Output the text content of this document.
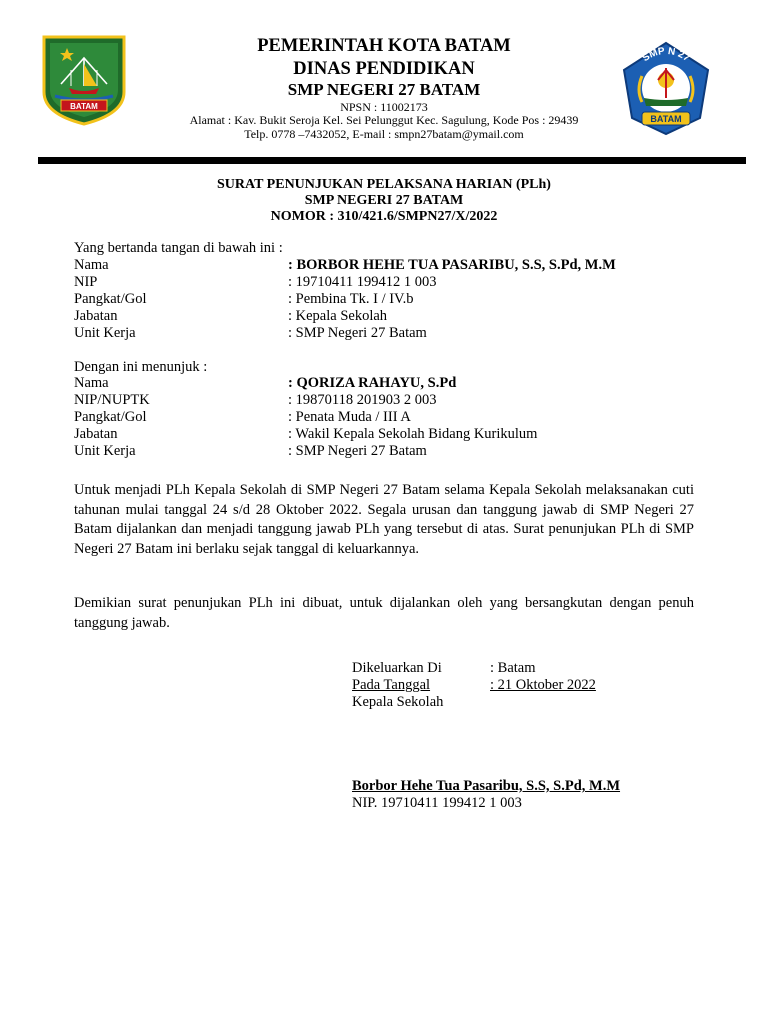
BATAM
PEMERINTAH KOTA BATAM
DINAS PENDIDIKAN
SMP NEGERI 27 BATAM
NPSN : 11002173
Alamat : Kav. Bukit Seroja Kel. Sei Pelunggut Kec. Sagulung, Kode Pos : 29439
Telp. 0778 –7432052, E-mail : smpn27batam@ymail.com
SMP N 27
BATAM
SURAT PENUNJUKAN PELAKSANA HARIAN (PLh)
SMP NEGERI 27 BATAM
NOMOR : 310/421.6/SMPN27/X/2022
Yang bertanda tangan di bawah ini :
Nama	: BORBOR HEHE TUA PASARIBU, S.S, S.Pd, M.M
NIP	: 19710411 199412 1 003
Pangkat/Gol	: Pembina Tk. I / IV.b
Jabatan	: Kepala Sekolah
Unit Kerja	: SMP Negeri 27 Batam
Dengan ini menunjuk :
Nama	: QORIZA RAHAYU, S.Pd
NIP/NUPTK	: 19870118 201903 2 003
Pangkat/Gol	: Penata Muda / III A
Jabatan	: Wakil Kepala Sekolah Bidang Kurikulum
Unit Kerja	: SMP Negeri 27 Batam
Untuk menjadi PLh Kepala Sekolah di SMP Negeri 27 Batam selama Kepala Sekolah melaksanakan cuti tahunan mulai tanggal 24 s/d 28 Oktober 2022. Segala urusan dan tanggung jawab di SMP Negeri 27 Batam dijalankan dan menjadi tanggung jawab PLh yang tersebut di atas. Surat penunjukan PLh di SMP Negeri 27 Batam ini berlaku sejak tanggal di keluarkannya.
Demikian surat penunjukan PLh ini dibuat, untuk dijalankan oleh yang bersangkutan dengan penuh tanggung jawab.
Dikeluarkan Di	: Batam
Pada Tanggal	: 21 Oktober 2022
Kepala Sekolah
Borbor Hehe Tua Pasaribu, S.S, S.Pd, M.M
NIP. 19710411 199412 1 003
